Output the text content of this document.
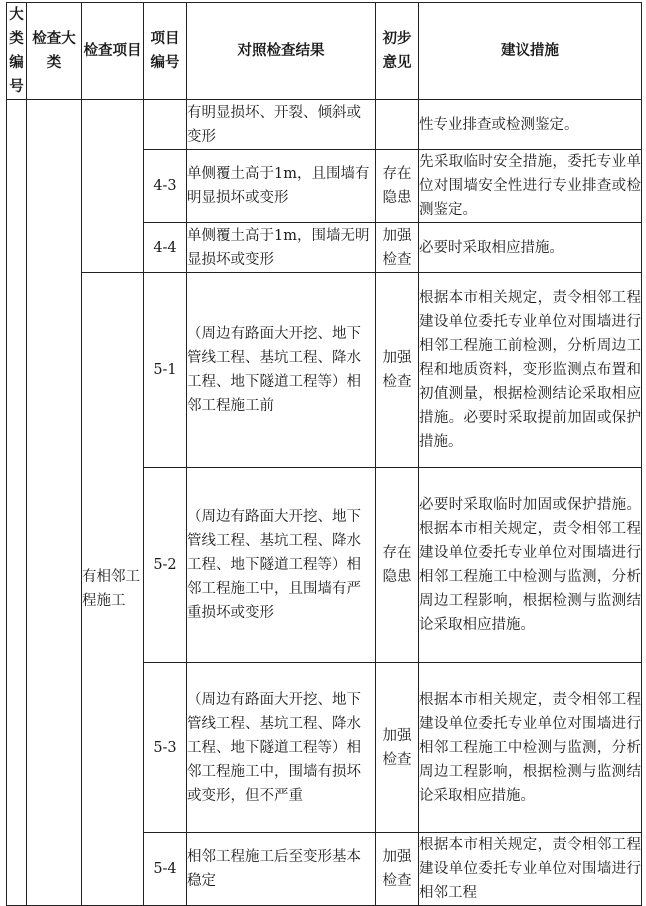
大类编号	检查大类	检查项目	项目编号	对照检查结果	初步意见	建议措施
				有明显损坏、开裂、倾斜或变形		性专业排查或检测鉴定。
			4-3	单侧覆土高于1m，且围墙有明显损坏或变形	存在隐患	先采取临时安全措施，委托专业单位对围墙安全性进行专业排查或检测鉴定。
			4-4	单侧覆土高于1m，围墙无明显损坏或变形	加强检查	必要时采取相应措施。
		有相邻工程施工	5-1	（周边有路面大开挖、地下管线工程、基坑工程、降水工程、地下隧道工程等）相邻工程施工前	加强检查	根据本市相关规定，责令相邻工程建设单位委托专业单位对围墙进行相邻工程施工前检测，分析周边工程和地质资料，变形监测点布置和初值测量，根据检测结论采取相应措施。必要时采取提前加固或保护措施。
			5-2	（周边有路面大开挖、地下管线工程、基坑工程、降水工程、地下隧道工程等）相邻工程施工中，且围墙有严重损坏或变形	存在隐患	必要时采取临时加固或保护措施。根据本市相关规定，责令相邻工程建设单位委托专业单位对围墙进行相邻工程施工中检测与监测，分析周边工程影响，根据检测与监测结论采取相应措施。
			5-3	（周边有路面大开挖、地下管线工程、基坑工程、降水工程、地下隧道工程等）相邻工程施工中，围墙有损坏或变形，但不严重	加强检查	根据本市相关规定，责令相邻工程建设单位委托专业单位对围墙进行相邻工程施工中检测与监测，分析周边工程影响，根据检测与监测结论采取相应措施。
			5-4	相邻工程施工后至变形基本稳定	加强检查	根据本市相关规定，责令相邻工程建设单位委托专业单位对围墙进行相邻工程
